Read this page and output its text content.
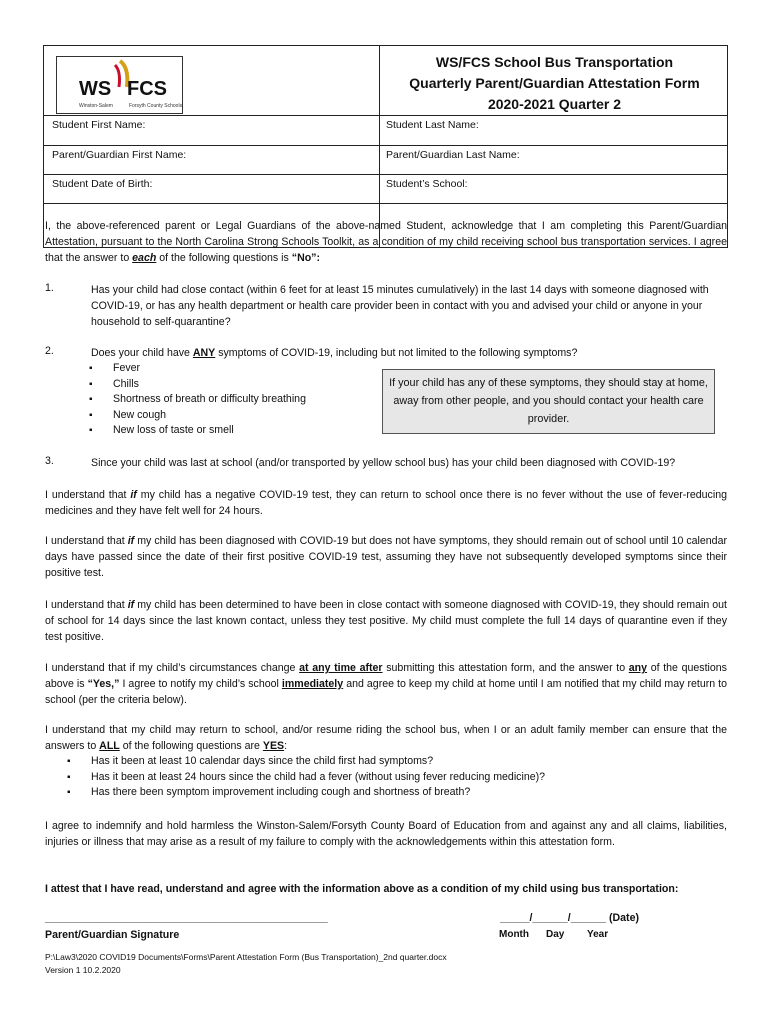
WS FCS
Winston-Salem	Forsyth County Schools
WS/FCS School Bus Transportation
Quarterly Parent/Guardian Attestation Form
2020-2021 Quarter 2
Student First Name:	Student Last Name:
Parent/Guardian First Name:	Parent/Guardian Last Name:
Student Date of Birth:	Student’s School:
I, the above-referenced parent or Legal Guardians of the above-named Student, acknowledge that I am completing this Parent/Guardian Attestation, pursuant to the North Carolina Strong Schools Toolkit, as a condition of my child receiving school bus transportation services. I agree that the answer to each of the following questions is “No”:
1.	Has your child had close contact (within 6 feet for at least 15 minutes cumulatively) in the last 14 days with someone diagnosed with COVID-19, or has any health department or health care provider been in contact with you and advised your child or anyone in your household to self-quarantine?
2.	Does your child have ANY symptoms of COVID-19, including but not limited to the following symptoms?
▪ Fever
▪ Chills
▪ Shortness of breath or difficulty breathing
▪ New cough
▪ New loss of taste or smell
If your child has any of these symptoms, they should stay at home, away from other people, and you should contact your health care provider.
3.	Since your child was last at school (and/or transported by yellow school bus) has your child been diagnosed with COVID-19?
I understand that if my child has a negative COVID-19 test, they can return to school once there is no fever without the use of fever-reducing medicines and they have felt well for 24 hours.
I understand that if my child has been diagnosed with COVID-19 but does not have symptoms, they should remain out of school until 10 calendar days have passed since the date of their first positive COVID-19 test, assuming they have not subsequently developed symptoms since their positive test.
I understand that if my child has been determined to have been in close contact with someone diagnosed with COVID-19, they should remain out of school for 14 days since the last known contact, unless they test positive. My child must complete the full 14 days of quarantine even if they test positive.
I understand that if my child’s circumstances change at any time after submitting this attestation form, and the answer to any of the questions above is “Yes,” I agree to notify my child’s school immediately and agree to keep my child at home until I am notified that my child may return to school (per the criteria below).
I understand that my child may return to school, and/or resume riding the school bus, when I or an adult family member can ensure that the answers to ALL of the following questions are YES:
▪ Has it been at least 10 calendar days since the child first had symptoms?
▪ Has it been at least 24 hours since the child had a fever (without using fever reducing medicine)?
▪ Has there been symptom improvement including cough and shortness of breath?
I agree to indemnify and hold harmless the Winston-Salem/Forsyth County Board of Education from and against any and all claims, liabilities, injuries or illness that may arise as a result of my failure to comply with the acknowledgements within this attestation form.
I attest that I have read, understand and agree with the information above as a condition of my child using bus transportation:
________________________________________________
Parent/Guardian Signature
_____/______/______ (Date)
Month Day Year
P:\Law3\2020 COVID19 Documents\Forms\Parent Attestation Form (Bus Transportation)_2nd quarter.docx
Version 1 10.2.2020
